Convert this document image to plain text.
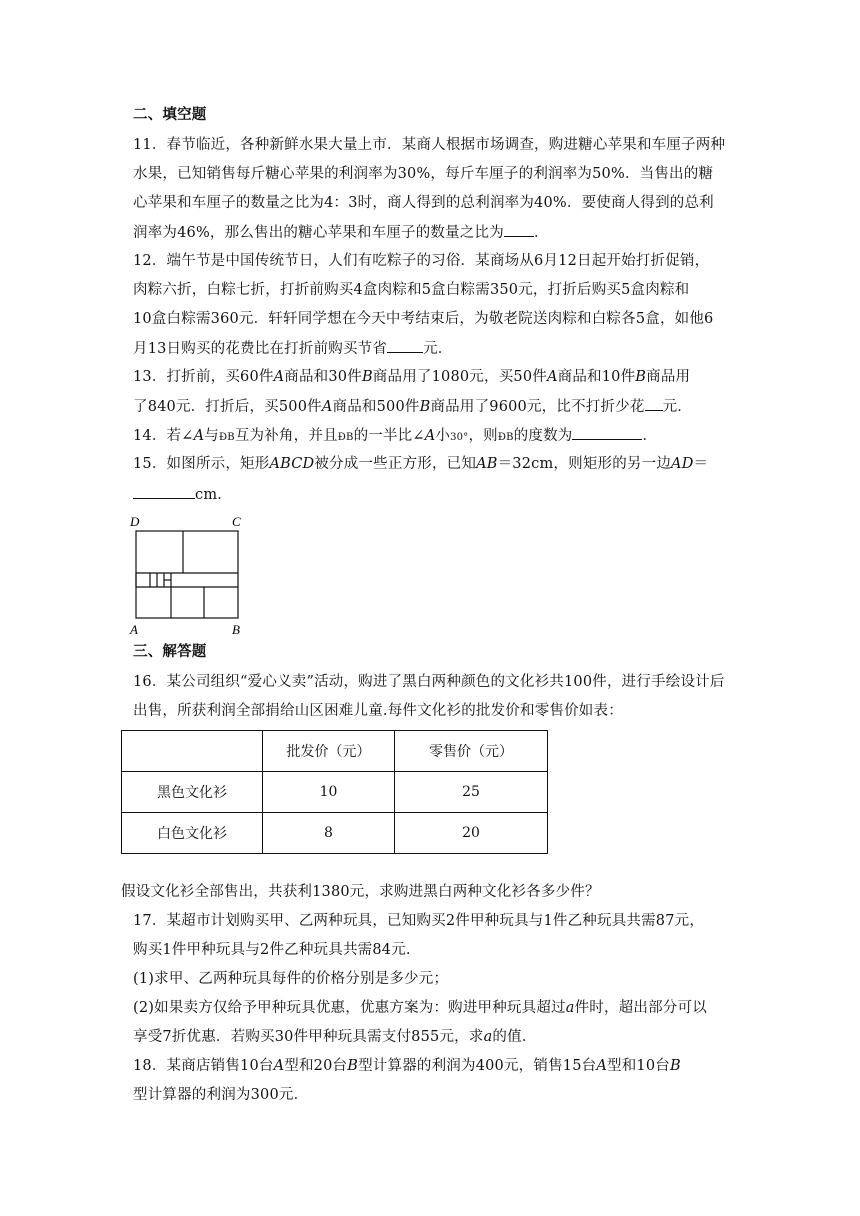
二、填空题
11．春节临近，各种新鲜水果大量上市．某商人根据市场调查，购进糖心苹果和车厘子两种
水果，已知销售每斤糖心苹果的利润率为30%，每斤车厘子的利润率为50%．当售出的糖
心苹果和车厘子的数量之比为4：3时，商人得到的总利润率为40%．要使商人得到的总利
润率为46%，那么售出的糖心苹果和车厘子的数量之比为 ．
12．端午节是中国传统节日，人们有吃粽子的习俗．某商场从6月12日起开始打折促销，
肉粽六折，白粽七折，打折前购买4盒肉粽和5盒白粽需350元，打折后购买5盒肉粽和
10盒白粽需360元．轩轩同学想在今天中考结束后，为敬老院送肉粽和白粽各5盒，如他6
月13日购买的花费比在打折前购买节省 元．
13．打折前，买60件A商品和30件B商品用了1080元，买50件A商品和10件B商品用
了840元．打折后，买500件A商品和500件B商品用了9600元，比不打折少花 元．
14．若∠A与ÐB互为补角，并且ÐB的一半比∠A小30°，则ÐB的度数为	．
15．如图所示，矩形ABCD被分成一些正方形，已知AB＝32cm，则矩形的另一边AD＝
cm．
D	C
A	B
三、解答题
16．某公司组织“爱心义卖”活动，购进了黑白两种颜色的文化衫共100件，进行手绘设计后
出售，所获利润全部捐给山区困难儿童.每件文化衫的批发价和零售价如表：
	批发价（元）	零售价（元）
黑色文化衫	10	25
白色文化衫	8	20
假设文化衫全部售出，共获利1380元，求购进黑白两种文化衫各多少件？
17．某超市计划购买甲、乙两种玩具，已知购买2件甲种玩具与1件乙种玩具共需87元，
购买1件甲种玩具与2件乙种玩具共需84元.
(1)求甲、乙两种玩具每件的价格分别是多少元；
(2)如果卖方仅给予甲种玩具优惠，优惠方案为：购进甲种玩具超过a件时，超出部分可以
享受7折优惠．若购买30件甲种玩具需支付855元，求a的值．
18．某商店销售10台A型和20台B型计算器的利润为400元，销售15台A型和10台B
型计算器的利润为300元．
